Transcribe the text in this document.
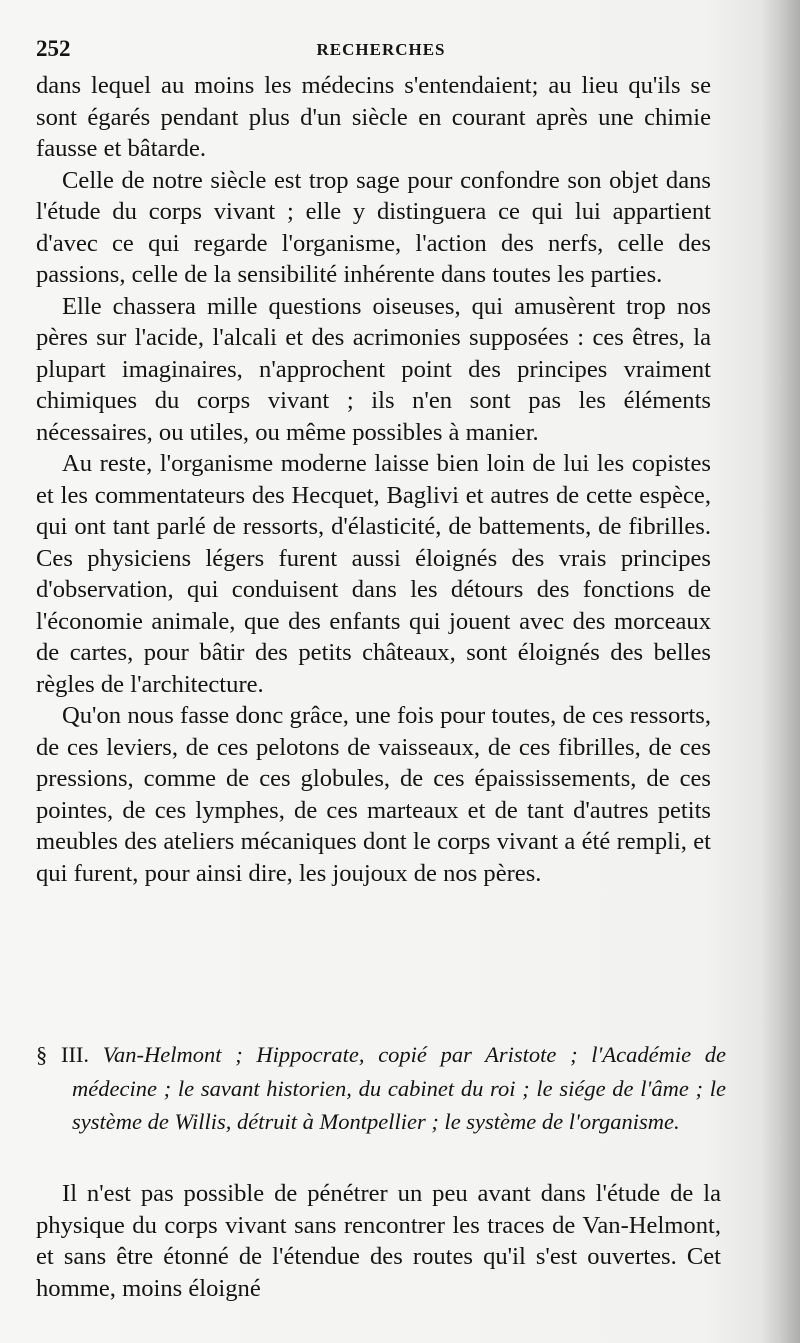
252	RECHERCHES

dans lequel au moins les médecins s'entendaient; au lieu qu'ils se sont égarés pendant plus d'un siècle en courant après une chimie fausse et bâtarde.

Celle de notre siècle est trop sage pour confondre son objet dans l'étude du corps vivant ; elle y distinguera ce qui lui appartient d'avec ce qui regarde l'organisme, l'action des nerfs, celle des passions, celle de la sensibilité inhérente dans toutes les parties.

Elle chassera mille questions oiseuses, qui amusèrent trop nos pères sur l'acide, l'alcali et des acrimonies supposées : ces êtres, la plupart imaginaires, n'approchent point des principes vraiment chimiques du corps vivant ; ils n'en sont pas les éléments nécessaires, ou utiles, ou même possibles à manier.

Au reste, l'organisme moderne laisse bien loin de lui les copistes et les commentateurs des Hecquet, Baglivi et autres de cette espèce, qui ont tant parlé de ressorts, d'élasticité, de battements, de fibrilles. Ces physiciens légers furent aussi éloignés des vrais principes d'observation, qui conduisent dans les détours des fonctions de l'économie animale, que des enfants qui jouent avec des morceaux de cartes, pour bâtir des petits châteaux, sont éloignés des belles règles de l'architecture.

Qu'on nous fasse donc grâce, une fois pour toutes, de ces ressorts, de ces leviers, de ces pelotons de vaisseaux, de ces fibrilles, de ces pressions, comme de ces globules, de ces épaississements, de ces pointes, de ces lymphes, de ces marteaux et de tant d'autres petits meubles des ateliers mécaniques dont le corps vivant a été rempli, et qui furent, pour ainsi dire, les joujoux de nos pères.

§ III. Van-Helmont ; Hippocrate, copié par Aristote ; l'Académie de médecine ; le savant historien, du cabinet du roi ; le siége de l'âme ; le système de Willis, détruit à Montpellier ; le système de l'organisme.

Il n'est pas possible de pénétrer un peu avant dans l'étude de la physique du corps vivant sans rencontrer les traces de Van-Helmont, et sans être étonné de l'étendue des routes qu'il s'est ouvertes. Cet homme, moins éloigné
